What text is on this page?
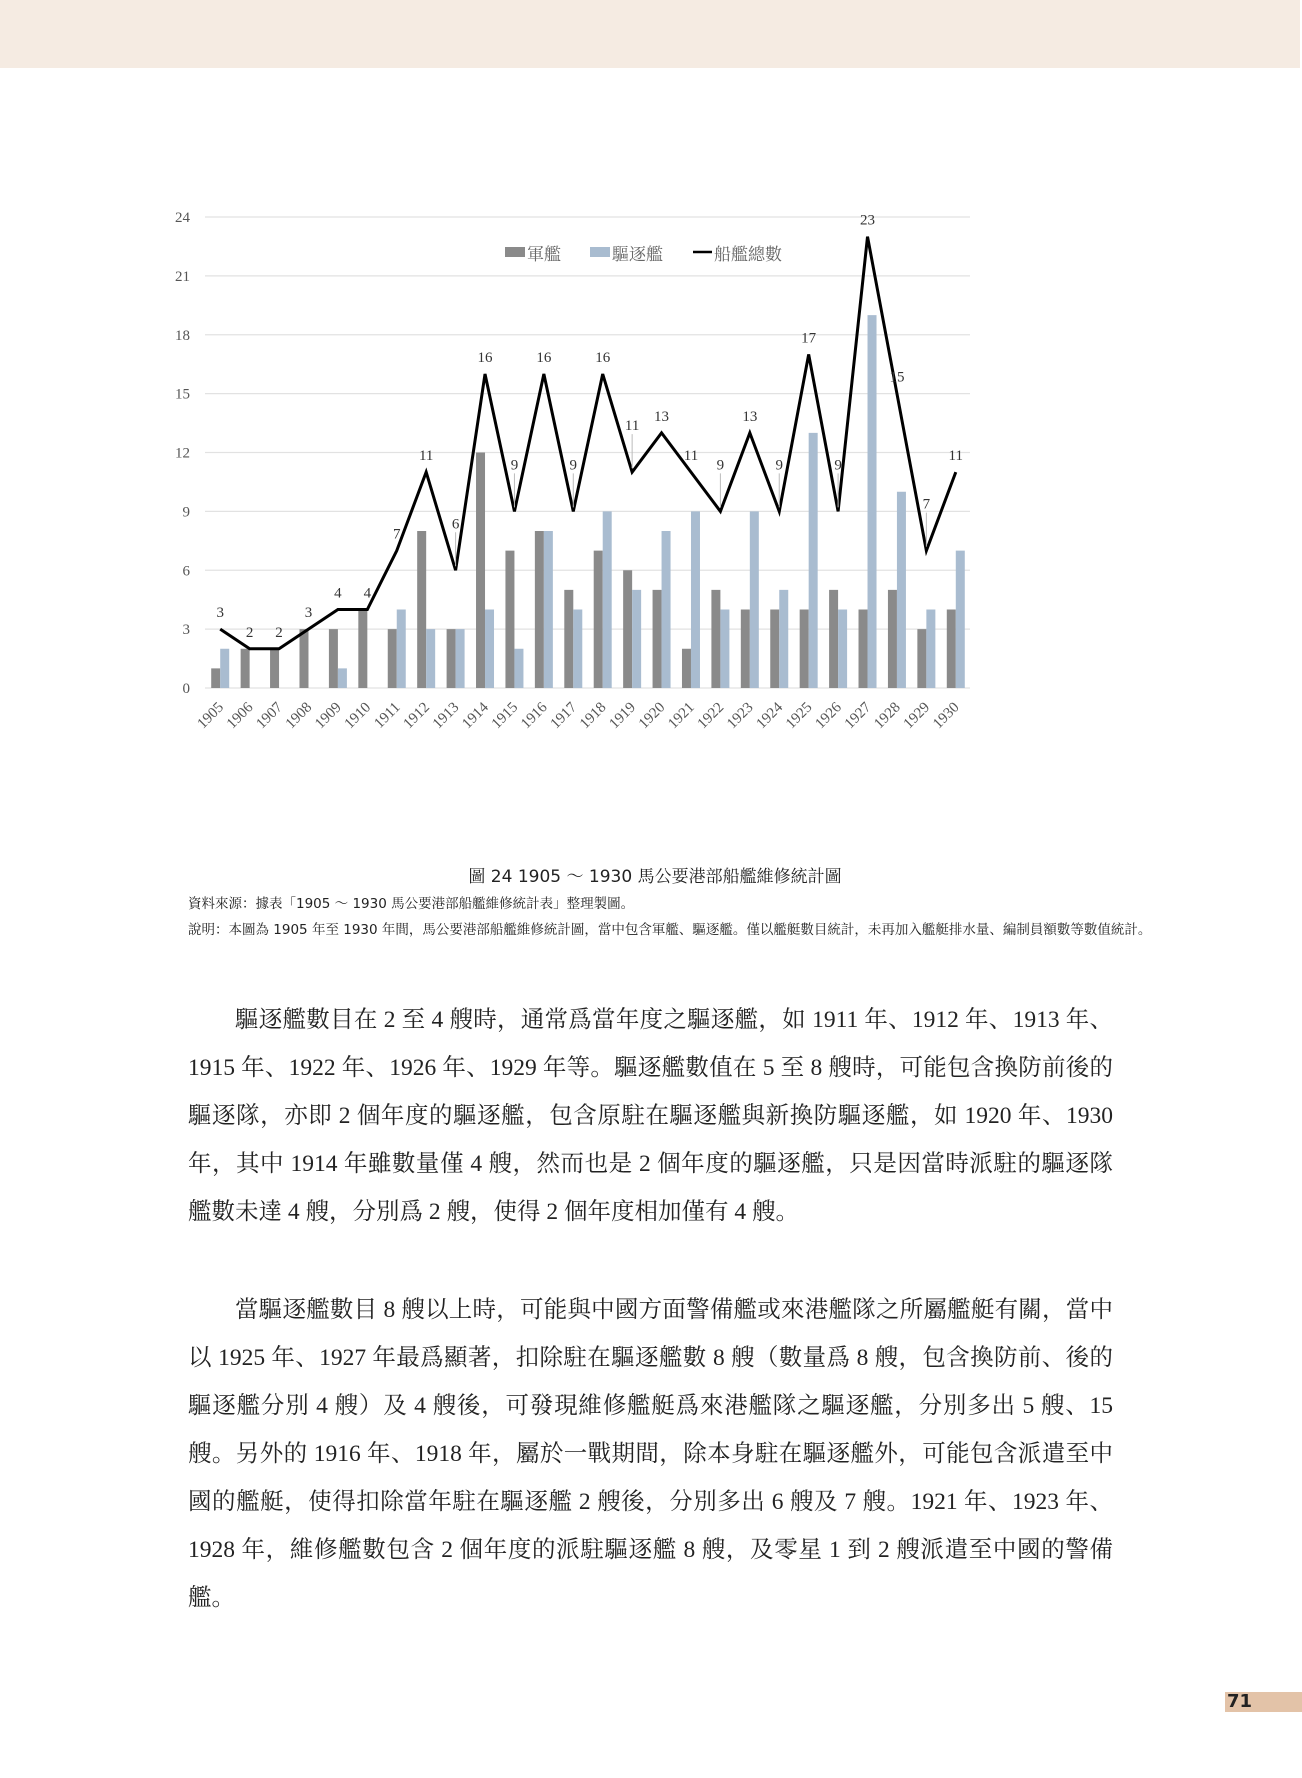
0
3
6
9
12
15
18
21
24
3
2 2
3
4 4
7
11
6
16
9
16
9
16
11
13
11
9
13
9
17
9
23
15
7
11
1905
1906
1907
1908
1909
1910
1911
1912
1913
1914
1915
1916
1917
1918
1919
1920
1921
1922
1923
1924
1925
1926
1927
1928
1929
1930
軍艦	驅逐艦	船艦總數
圖 24 1905 ～ 1930 馬公要港部船艦維修統計圖
資料來源：據表「1905 ～ 1930 馬公要港部船艦維修統計表」整理製圖。
說明：本圖為 1905 年至 1930 年間，馬公要港部船艦維修統計圖，當中包含軍艦、驅逐艦。僅以艦艇數目統計，未再加入艦艇排水量、編制員額數等數值統計。

驅逐艦數目在 2 至 4 艘時，通常爲當年度之驅逐艦，如 1911 年、1912 年、1913 年、1915 年、1922 年、1926 年、1929 年等。驅逐艦數值在 5 至 8 艘時，可能包含換防前後的驅逐隊，亦即 2 個年度的驅逐艦，包含原駐在驅逐艦與新換防驅逐艦，如 1920 年、1930 年，其中 1914 年雖數量僅 4 艘，然而也是 2 個年度的驅逐艦，只是因當時派駐的驅逐隊艦數未達 4 艘，分別爲 2 艘，使得 2 個年度相加僅有 4 艘。

當驅逐艦數目 8 艘以上時，可能與中國方面警備艦或來港艦隊之所屬艦艇有關，當中以 1925 年、1927 年最爲顯著，扣除駐在驅逐艦數 8 艘（數量爲 8 艘，包含換防前、後的驅逐艦分別 4 艘）及 4 艘後，可發現維修艦艇爲來港艦隊之驅逐艦，分別多出 5 艘、15 艘。另外的 1916 年、1918 年，屬於一戰期間，除本身駐在驅逐艦外，可能包含派遣至中國的艦艇，使得扣除當年駐在驅逐艦 2 艘後，分別多出 6 艘及 7 艘。1921 年、1923 年、1928 年，維修艦數包含 2 個年度的派駐驅逐艦 8 艘，及零星 1 到 2 艘派遣至中國的警備艦。

71
